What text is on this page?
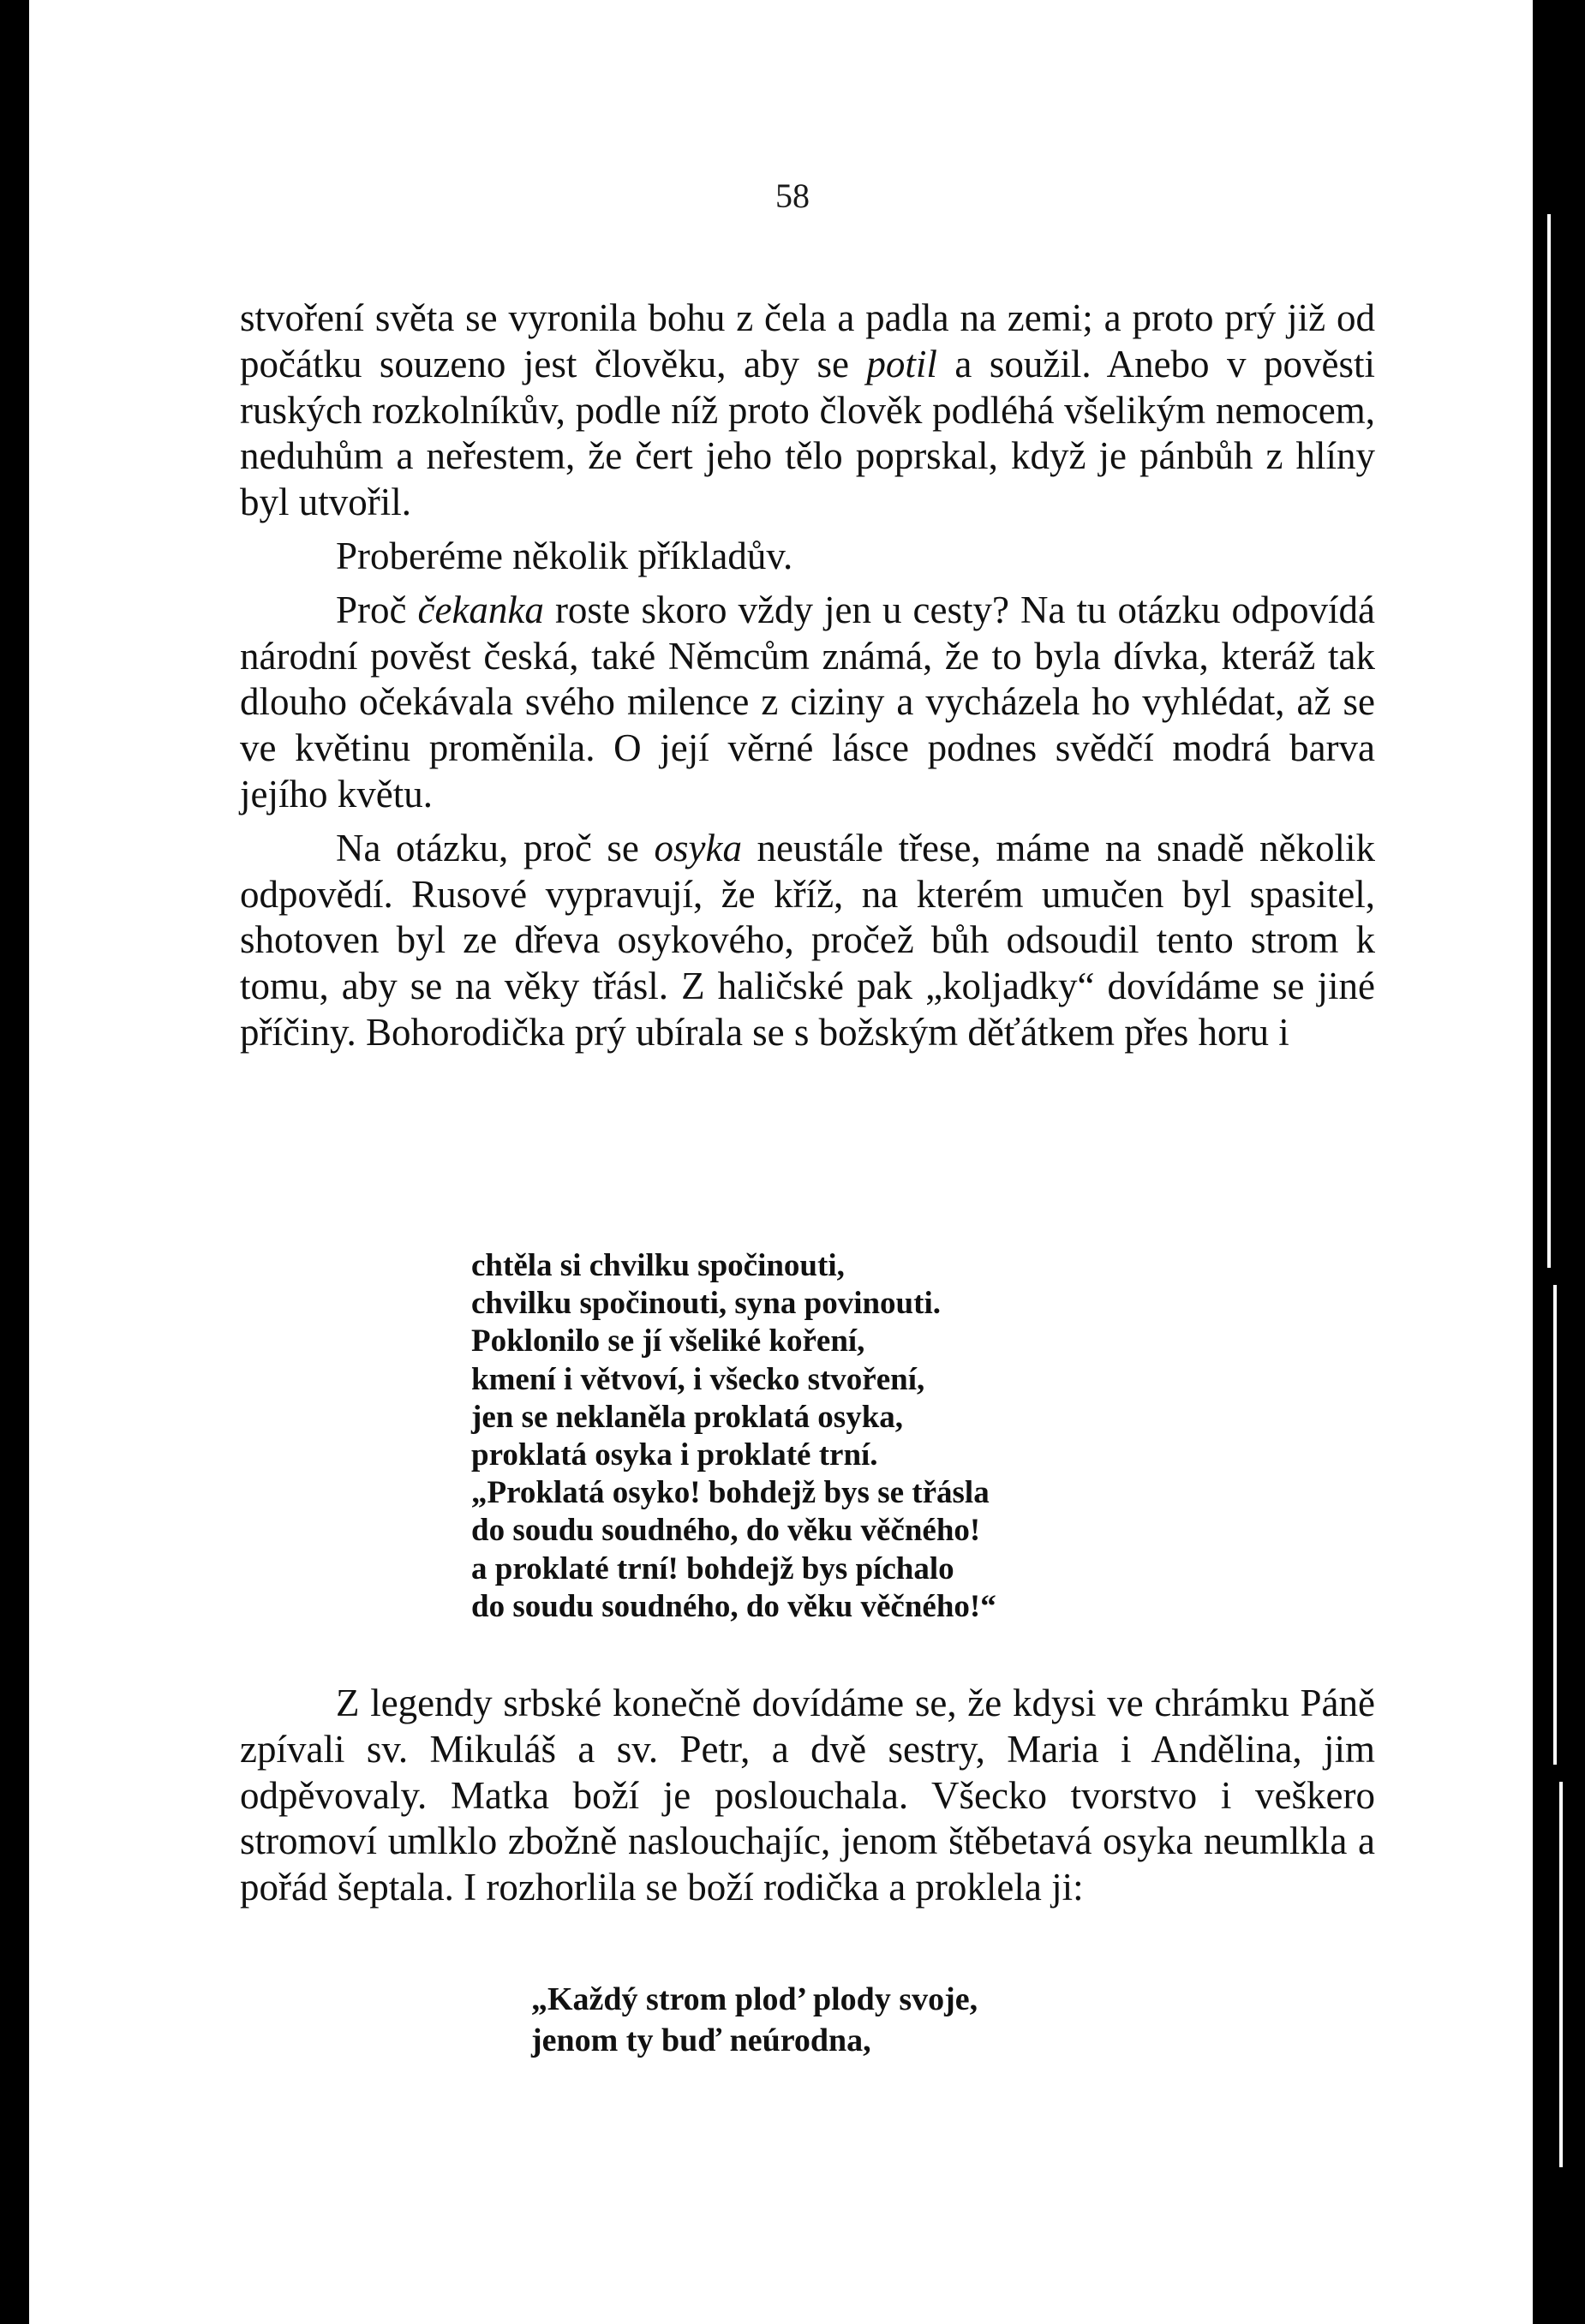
58

stvoření světa se vyronila bohu z čela a padla na zemi; a proto prý již od počátku souzeno jest člověku, aby se potil a soužil. Anebo v pověsti ruských rozkolníkův, podle níž proto člověk podléhá všelikým nemocem, neduhům a neřestem, že čert jeho tělo poprskal, když je pánbůh z hlíny byl utvořil.

Proberéme několik příkladův.

Proč čekanka roste skoro vždy jen u cesty? Na tu otázku odpovídá národní pověst česká, také Němcům známá, že to byla dívka, kteráž tak dlouho očekávala svého milence z ciziny a vycházela ho vyhlédat, až se ve květinu proměnila. O její věrné lásce podnes svědčí modrá barva jejího květu.

Na otázku, proč se osyka neustále třese, máme na snadě několik odpovědí. Rusové vypravují, že kříž, na kterém umučen byl spasitel, shotoven byl ze dřeva osykového, pročež bůh odsoudil tento strom k tomu, aby se na věky třásl. Z haličské pak „koljadky“ dovídáme se jiné příčiny. Bohorodička prý ubírala se s božským děťátkem přes horu i

chtěla si chvilku spočinouti,
chvilku spočinouti, syna povinouti.
Poklonilo se jí všeliké koření,
kmení i větvoví, i všecko stvoření,
jen se neklaněla proklatá osyka,
proklatá osyka i proklaté trní.
„Proklatá osyko! bohdejž bys se třásla
do soudu soudného, do věku věčného!
a proklaté trní! bohdejž bys píchalo
do soudu soudného, do věku věčného!“

Z legendy srbské konečně dovídáme se, že kdysi ve chrámku Páně zpívali sv. Mikuláš a sv. Petr, a dvě sestry, Maria i Andělina, jim odpěvovaly. Matka boží je poslouchala. Všecko tvorstvo i veškero stromoví umlklo zbožně naslouchajíc, jenom štěbetavá osyka neumlkla a pořád šeptala. I rozhorlila se boží rodička a proklela ji:

„Každý strom plod’ plody svoje,
jenom ty buď neúrodna,
